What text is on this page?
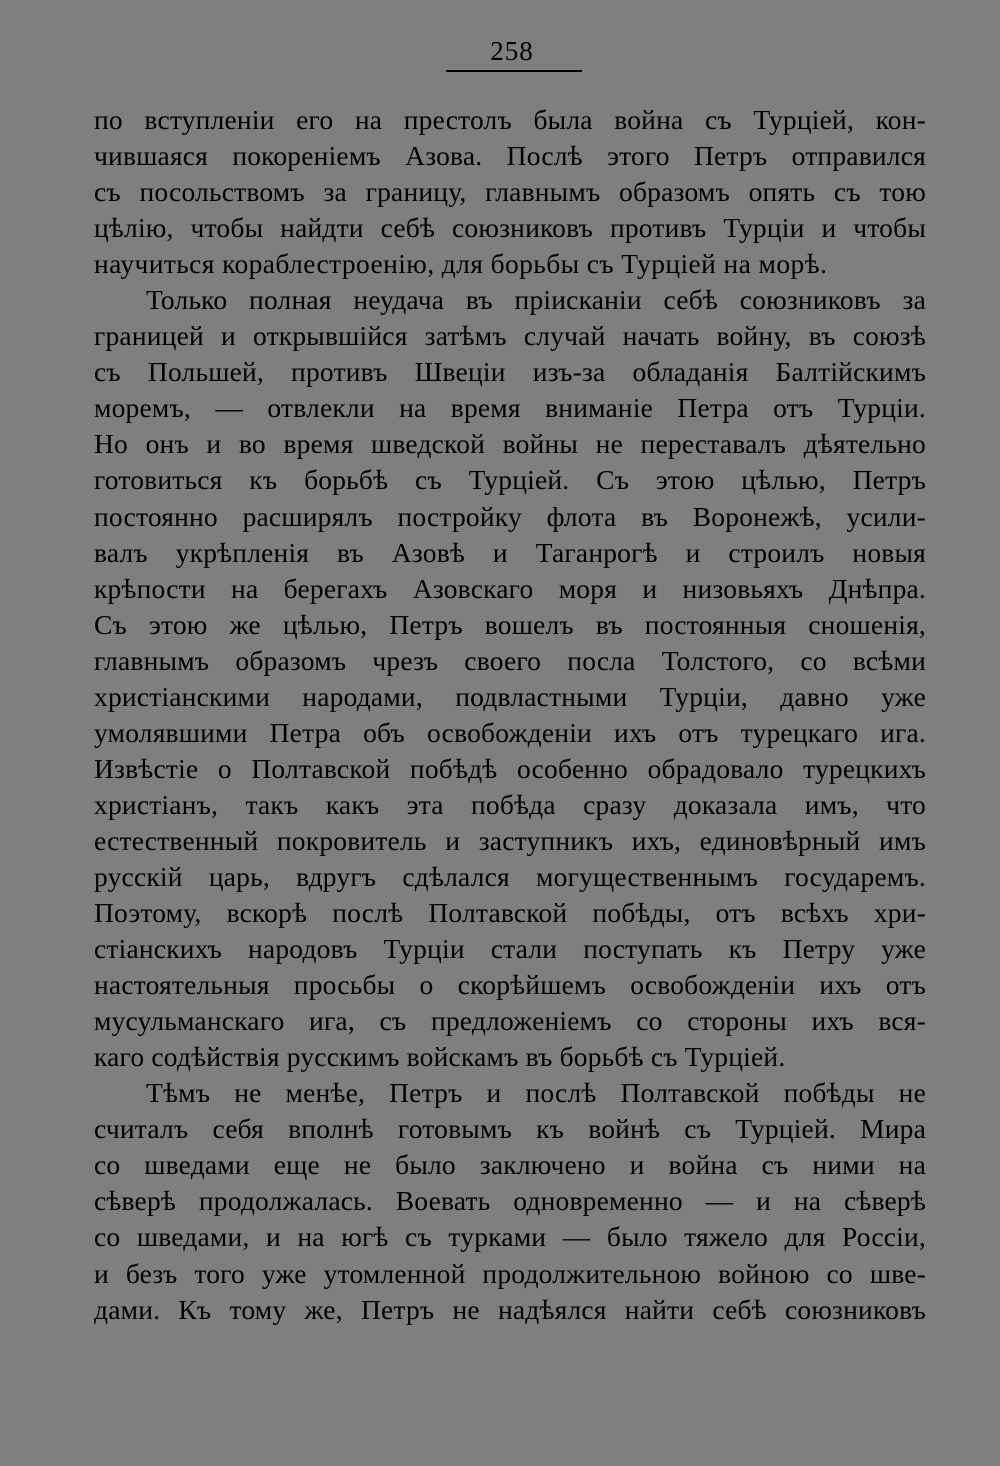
258
по вступленіи его на престолъ была война съ Турціей, кон-
чившаяся покореніемъ Азова. Послѣ этого Петръ отправился
съ посольствомъ за границу, главнымъ образомъ опять съ тою
цѣлію, чтобы найдти себѣ союзниковъ противъ Турціи и чтобы
научиться кораблестроенію, для борьбы съ Турціей на морѣ.
Только полная неудача въ пріисканіи себѣ союзниковъ за
границей и открывшійся затѣмъ случай начать войну, въ союзѣ
съ Польшей, противъ Швеціи изъ-за обладанія Балтійскимъ
моремъ, — отвлекли на время вниманіе Петра отъ Турціи.
Но онъ и во время шведской войны не переставалъ дѣятельно
готовиться къ борьбѣ съ Турціей. Съ этою цѣлью, Петръ
постоянно расширялъ постройку флота въ Воронежѣ, усили-
валъ укрѣпленія въ Азовѣ и Таганрогѣ и строилъ новыя
крѣпости на берегахъ Азовскаго моря и низовьяхъ Днѣпра.
Съ этою же цѣлью, Петръ вошелъ въ постоянныя сношенія,
главнымъ образомъ чрезъ своего посла Толстого, со всѣми
христіанскими народами, подвластными Турціи, давно уже
умолявшими Петра объ освобожденіи ихъ отъ турецкаго ига.
Извѣстіе о Полтавской побѣдѣ особенно обрадовало турецкихъ
христіанъ, такъ какъ эта побѣда сразу доказала имъ, что
естественный покровитель и заступникъ ихъ, единовѣрный имъ
русскій царь, вдругъ сдѣлался могущественнымъ государемъ.
Поэтому, вскорѣ послѣ Полтавской побѣды, отъ всѣхъ хри-
стіанскихъ народовъ Турціи стали поступать къ Петру уже
настоятельныя просьбы о скорѣйшемъ освобожденіи ихъ отъ
мусульманскаго ига, съ предложеніемъ со стороны ихъ вся-
каго содѣйствія русскимъ войскамъ въ борьбѣ съ Турціей.
Тѣмъ не менѣе, Петръ и послѣ Полтавской побѣды не
считалъ себя вполнѣ готовымъ къ войнѣ съ Турціей. Мира
со шведами еще не было заключено и война съ ними на
сѣверѣ продолжалась. Воевать одновременно — и на сѣверѣ
со шведами, и на югѣ съ турками — было тяжело для Россіи,
и безъ того уже утомленной продолжительною войною со шве-
дами. Къ тому же, Петръ не надѣялся найти себѣ союзниковъ
